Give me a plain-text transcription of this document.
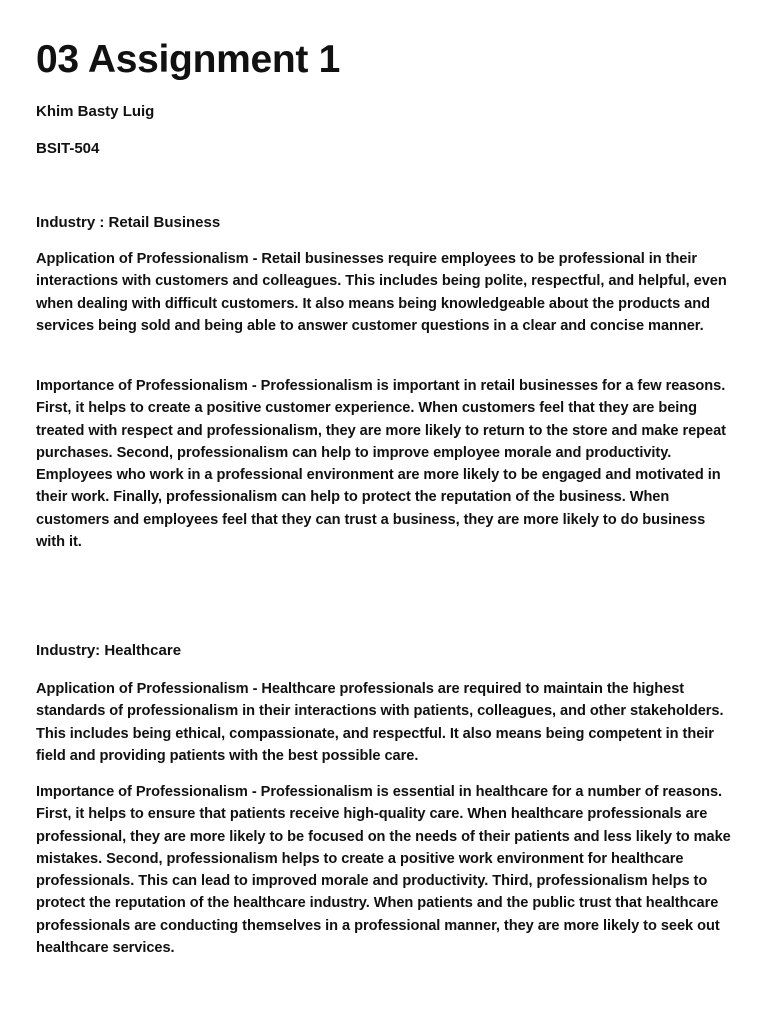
03 Assignment 1

Khim Basty Luig

BSIT-504

Industry : Retail Business

Application of Professionalism - Retail businesses require employees to be professional in their interactions with customers and colleagues. This includes being polite, respectful, and helpful, even when dealing with difficult customers. It also means being knowledgeable about the products and services being sold and being able to answer customer questions in a clear and concise manner.

Importance of Professionalism - Professionalism is important in retail businesses for a few reasons. First, it helps to create a positive customer experience. When customers feel that they are being treated with respect and professionalism, they are more likely to return to the store and make repeat purchases. Second, professionalism can help to improve employee morale and productivity. Employees who work in a professional environment are more likely to be engaged and motivated in their work. Finally, professionalism can help to protect the reputation of the business. When customers and employees feel that they can trust a business, they are more likely to do business with it.

Industry: Healthcare

Application of Professionalism - Healthcare professionals are required to maintain the highest standards of professionalism in their interactions with patients, colleagues, and other stakeholders. This includes being ethical, compassionate, and respectful. It also means being competent in their field and providing patients with the best possible care.

Importance of Professionalism - Professionalism is essential in healthcare for a number of reasons. First, it helps to ensure that patients receive high-quality care. When healthcare professionals are professional, they are more likely to be focused on the needs of their patients and less likely to make mistakes. Second, professionalism helps to create a positive work environment for healthcare professionals. This can lead to improved morale and productivity. Third, professionalism helps to protect the reputation of the healthcare industry. When patients and the public trust that healthcare professionals are conducting themselves in a professional manner, they are more likely to seek out healthcare services.
